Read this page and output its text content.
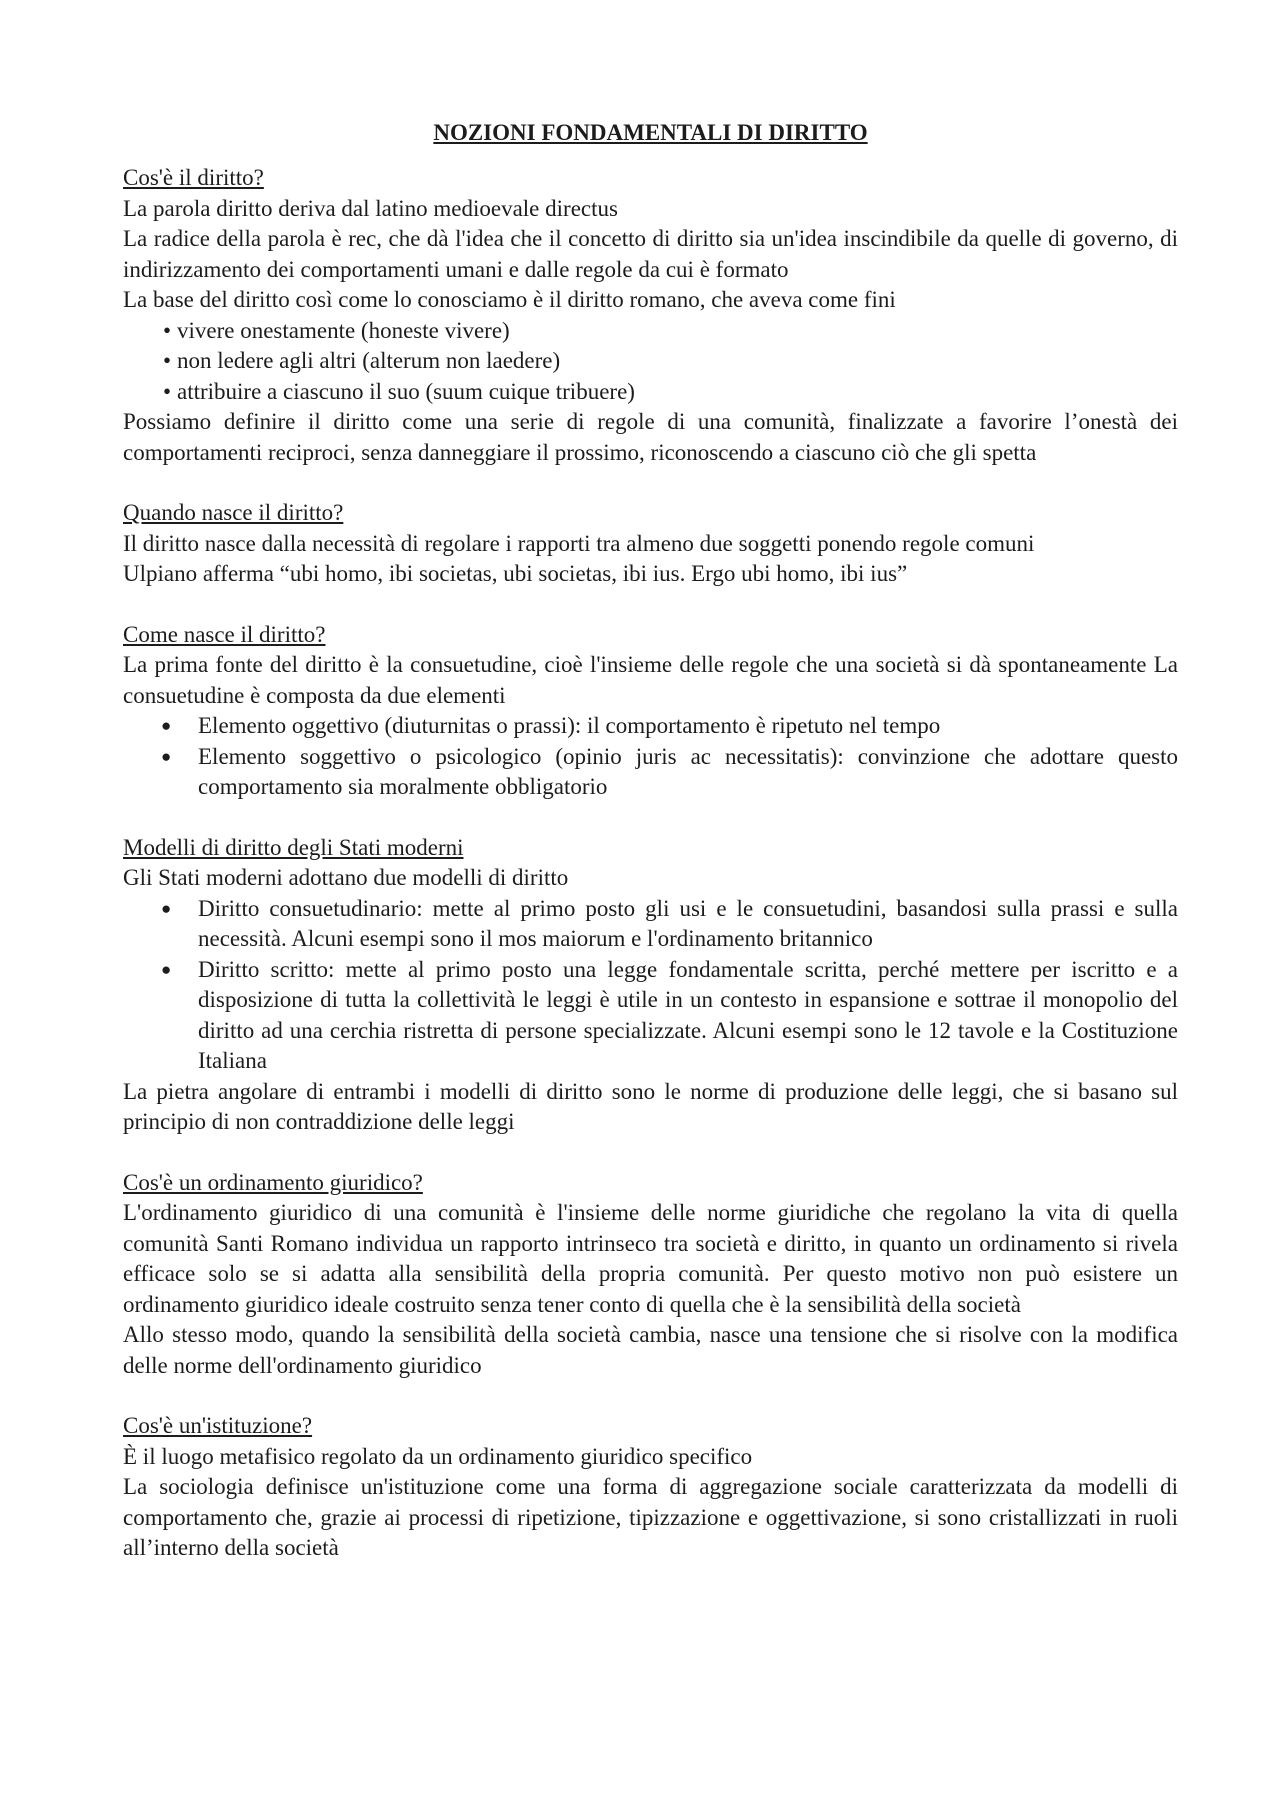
NOZIONI FONDAMENTALI DI DIRITTO

Cos'è il diritto?

La parola diritto deriva dal latino medioevale directus

La radice della parola è rec, che dà l'idea che il concetto di diritto sia un'idea inscindibile da quelle di governo, di indirizzamento dei comportamenti umani e dalle regole da cui è formato

La base del diritto così come lo conosciamo è il diritto romano, che aveva come fini

• vivere onestamente (honeste vivere)
• non ledere agli altri (alterum non laedere)
• attribuire a ciascuno il suo (suum cuique tribuere)

Possiamo definire il diritto come una serie di regole di una comunità, finalizzate a favorire l’onestà dei comportamenti reciproci, senza danneggiare il prossimo, riconoscendo a ciascuno ciò che gli spetta

Quando nasce il diritto?

Il diritto nasce dalla necessità di regolare i rapporti tra almeno due soggetti ponendo regole comuni

Ulpiano afferma “ubi homo, ibi societas, ubi societas, ibi ius. Ergo ubi homo, ibi ius”

Come nasce il diritto?

La prima fonte del diritto è la consuetudine, cioè l'insieme delle regole che una società si dà spontaneamente La consuetudine è composta da due elementi

● Elemento oggettivo (diuturnitas o prassi): il comportamento è ripetuto nel tempo
● Elemento soggettivo o psicologico (opinio juris ac necessitatis): convinzione che adottare questo comportamento sia moralmente obbligatorio

Modelli di diritto degli Stati moderni

Gli Stati moderni adottano due modelli di diritto

● Diritto consuetudinario: mette al primo posto gli usi e le consuetudini, basandosi sulla prassi e sulla necessità. Alcuni esempi sono il mos maiorum e l'ordinamento britannico
● Diritto scritto: mette al primo posto una legge fondamentale scritta, perché mettere per iscritto e a disposizione di tutta la collettività le leggi è utile in un contesto in espansione e sottrae il monopolio del diritto ad una cerchia ristretta di persone specializzate. Alcuni esempi sono le 12 tavole e la Costituzione Italiana

La pietra angolare di entrambi i modelli di diritto sono le norme di produzione delle leggi, che si basano sul principio di non contraddizione delle leggi

Cos'è un ordinamento giuridico?

L'ordinamento giuridico di una comunità è l'insieme delle norme giuridiche che regolano la vita di quella comunità Santi Romano individua un rapporto intrinseco tra società e diritto, in quanto un ordinamento si rivela efficace solo se si adatta alla sensibilità della propria comunità. Per questo motivo non può esistere un ordinamento giuridico ideale costruito senza tener conto di quella che è la sensibilità della società

Allo stesso modo, quando la sensibilità della società cambia, nasce una tensione che si risolve con la modifica delle norme dell'ordinamento giuridico

Cos'è un'istituzione?

È il luogo metafisico regolato da un ordinamento giuridico specifico

La sociologia definisce un'istituzione come una forma di aggregazione sociale caratterizzata da modelli di comportamento che, grazie ai processi di ripetizione, tipizzazione e oggettivazione, si sono cristallizzati in ruoli all’interno della società
